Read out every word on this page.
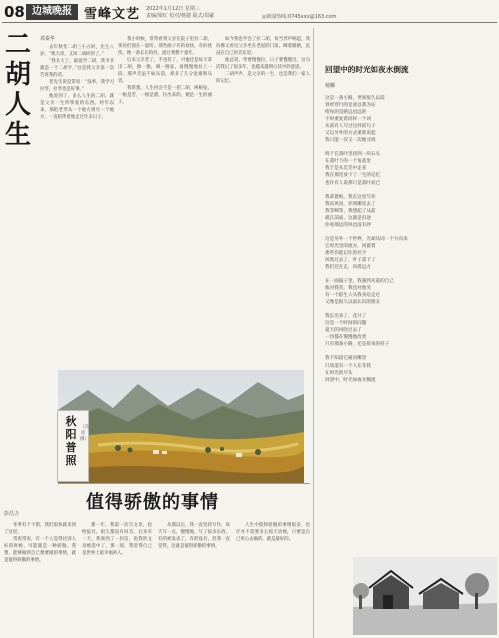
08 边城晚报 雪峰文艺 2022年1月12日 星期三
责编/梁红 校对/杨捷 版式/周豪	◎新闻热线:0745xxx@163.com
二
胡
人
生
邓秦华

去年秋冬二胡三小五时，先生八岁。“我大哥，又叫二胡碎的了。”

“我长大了，最爱学二胡，我爷爷就是一个二胡手。”这是我父亲第一次告诉我的话。

老先生说是常说：“没事，我学习拉琴，拉琴也是好事。”

他说到了，多么人生的二胡，就是父亲一生所挚爱的东西。经年以来，那把老琴从一个地方到另一个地方，一直陪伴着他走过许多日子。

我小时候，常常看到父亲在院子里拉二胡，邻居们围在一起听。那些曲子有的欢快，有的忧伤，像一条长长的河，流过我整个童年。

后来父亲老了，手也抖了，可他还是每天拿出二胡，擦一擦，调一调弦，再慢慢地拉上一段。那声音虽不如从前，却多了几分沧桑和从容。

我常想，人生何尝不是一把二胡，两根弦，一根是苦，一根是甜，拉出来的，便是一生的曲子。

如今我也学会了拉二胡，每当琴声响起，我仿佛又看见父亲坐在老屋的门前，眯着眼睛，沉浸在自己的音乐里。

他总说，琴要慢慢拉，日子要慢慢过。这句话我记了很多年，也越来越明白其中的意思。

二胡声声，是父亲的一生，也是我们一家人的记忆。

秋阳普照
（冯彦 摄）
回望中的时光如夜水倒流
杨椰
这是一条小路，世间很久以前
曾经穿行的足迹以我为证
给你的是路远也远的
不时重复着同样一个词
从前有人写过这样的句子
又以另外的方式重新说起
我只能一次又一次地寻找
终于在落叶里找到一块石头
在落叶下的一个角落里
我于是从荒芜中走来
我在那里放下了一生的记忆
也许有人说那只是落叶而已
我拿着纸，我在这里写你
我向风说，你到哪里去了
我等啊等，我想起了从前
就在前面，这就是归途
你看那边的风也没有停
这是另外一个世界，光却从同一个方向来
它时光里的流水，回旋着
那些你能记住的名字
风吹过去了，叶子落下了
我们还在走，向着远方
在一面镜子里，我遇到从前的自己
他对我笑，我也对他笑
有一个陌生人从我身边走过
又像是很久以前认识的朋友
我长出来了，花开了
这是一个时间的问题
夏天的风吹过去了
一切都在慢慢地改变
只有那条小路，还是原来的样子
我不知道它通向哪里
只知道有一个人在等我
在时光的尽头
回望中，时光如夜水倒流
值得骄傲的事情
彭昌力

冬季有个不错，我们很快就来到了这里。

常说常说，有一个人觉得比别人好的时候，可能就是一种骄傲。我想，能够做到自己想要做的事情，就是值得骄傲的事情。

那一年，我第一次写文章，投给报社，很久都没有回音。后来有一天，我收到了一封信，说我的文章被选中了，那一刻，我觉得自己是世界上最幸福的人。

从那以后，我一直坚持写作，每天写一点，慢慢地，写了很多东西。有的被发表了，有的没有，但我一直觉得，这就是值得骄傲的事情。

人生中值得骄傲的事情很多，也许并不需要多么惊天动地，只要是自己用心去做的，就是最好的。
